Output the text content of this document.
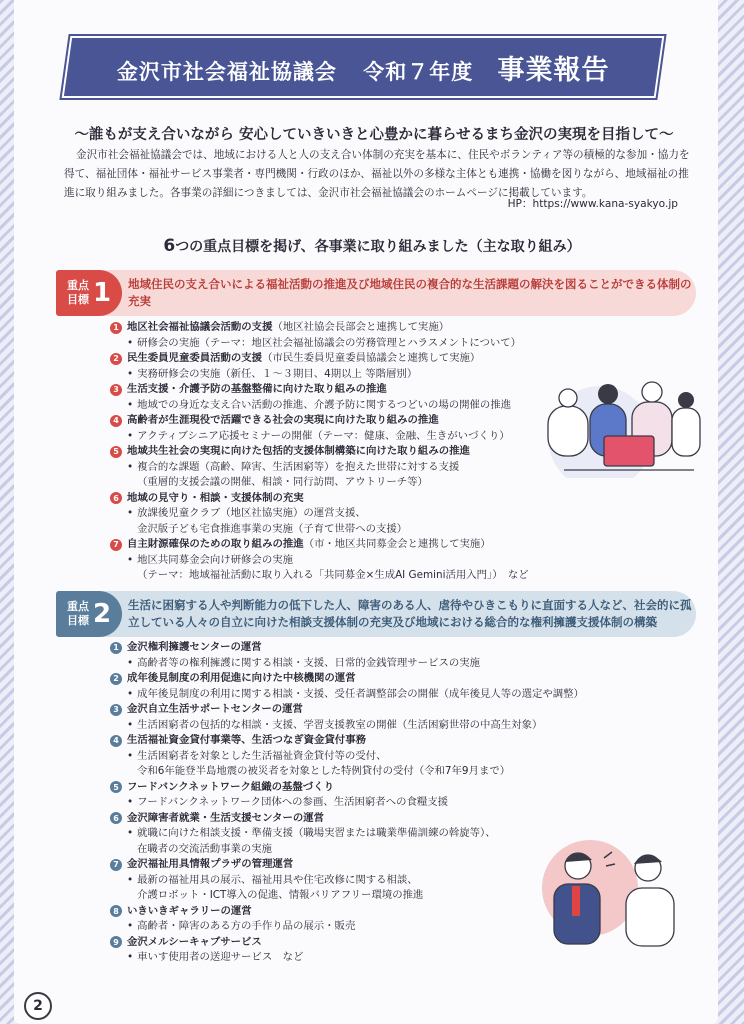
金沢市社会福祉協議会 令和７年度 事業報告
～誰もが支え合いながら 安心していきいきと心豊かに暮らせるまち金沢の実現を目指して～
金沢市社会福祉協議会では、地域における人と人の支え合い体制の充実を基本に、住民やボランティア等の積極的な参加・協力を得て、福祉団体・福祉サービス事業者・専門機関・行政のほか、福祉以外の多様な主体とも連携・協働を図りながら、地域福祉の推進に取り組みました。各事業の詳細につきましては、金沢市社会福祉協議会のホームページに掲載しています。
HP：https://www.kana-syakyo.jp
6つの重点目標を掲げ、各事業に取り組みました（主な取り組み）
重点
目標 1	地域住民の支え合いによる福祉活動の推進及び地域住民の複合的な生活課題の解決を図ることができる体制の充実
1 地区社会福祉協議会活動の支援 （地区社協会長部会と連携して実施）
• 研修会の実施（テーマ：地区社会福祉協議会の労務管理とハラスメントについて）
2 民生委員児童委員活動の支援 （市民生委員児童委員協議会と連携して実施）
• 実務研修会の実施（新任、１～３期目、4期以上 等階層別）
3 生活支援・介護予防の基盤整備に向けた取り組みの推進
• 地域での身近な支え合い活動の推進、介護予防に関するつどいの場の開催の推進
4 高齢者が生涯現役で活躍できる社会の実現に向けた取り組みの推進
• アクティブシニア応援セミナーの開催（テーマ：健康、金融、生きがいづくり）
5 地域共生社会の実現に向けた包括的支援体制構築に向けた取り組みの推進
• 複合的な課題（高齢、障害、生活困窮等）を抱えた世帯に対する支援
（重層的支援会議の開催、相談・同行訪問、アウトリーチ等）
6 地域の見守り・相談・支援体制の充実
• 放課後児童クラブ（地区社協実施）の運営支援、
金沢版子ども宅食推進事業の実施（子育て世帯への支援）
7 自主財源確保のための取り組みの推進 （市・地区共同募金会と連携して実施）
• 地区共同募金会向け研修会の実施
（テーマ：地域福祉活動に取り入れる「共同募金×生成AI Gemini活用入門」）　など
重点
目標 2	生活に困窮する人や判断能力の低下した人、障害のある人、虐待やひきこもりに直面する人など、社会的に孤立している人々の自立に向けた相談支援体制の充実及び地域における総合的な権利擁護支援体制の構築
1 金沢権利擁護センターの運営
• 高齢者等の権利擁護に関する相談・支援、日常的金銭管理サービスの実施
2 成年後見制度の利用促進に向けた中核機関の運営
• 成年後見制度の利用に関する相談・支援、受任者調整部会の開催（成年後見人等の選定や調整）
3 金沢自立生活サポートセンターの運営
• 生活困窮者の包括的な相談・支援、学習支援教室の開催（生活困窮世帯の中高生対象）
4 生活福祉資金貸付事業等、生活つなぎ資金貸付事務
• 生活困窮者を対象とした生活福祉資金貸付等の受付、
令和6年能登半島地震の被災者を対象とした特例貸付の受付（令和7年9月まで）
5 フードバンクネットワーク組織の基盤づくり
• フードバンクネットワーク団体への参画、生活困窮者への食糧支援
6 金沢障害者就業・生活支援センターの運営
• 就職に向けた相談支援・準備支援（職場実習または職業準備訓練の斡旋等）、
在職者の交流活動事業の実施
7 金沢福祉用具情報プラザの管理運営
• 最新の福祉用具の展示、福祉用具や住宅改修に関する相談、
介護ロボット・ICT導入の促進、情報バリアフリー環境の推進
8 いきいきギャラリーの運営
• 高齢者・障害のある方の手作り品の展示・販売
9 金沢メルシーキャブサービス
• 車いす使用者の送迎サービス　など
2
